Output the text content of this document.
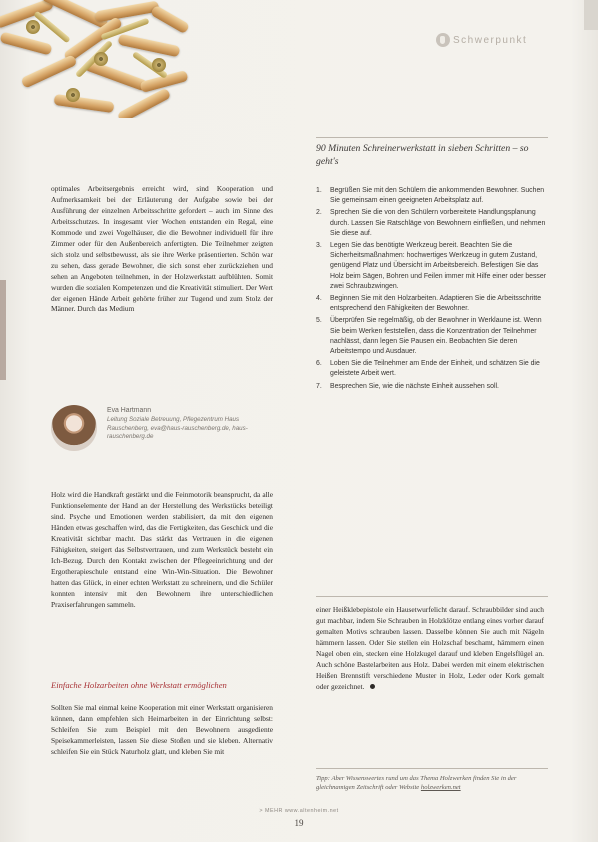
Schwerpunkt

optimales Arbeitsergebnis erreicht wird, sind Kooperation und Aufmerksamkeit bei der Erläuterung der Aufgabe sowie bei der Ausführung der einzelnen Arbeitsschritte gefordert – auch im Sinne des Arbeitsschutzes. In insgesamt vier Wochen entstanden ein Regal, eine Kommode und zwei Vogelhäuser, die die Bewohner individuell für ihre Zimmer oder für den Außenbereich anfertigten. Die Teilnehmer zeigten sich stolz und selbstbewusst, als sie ihre Werke präsentierten. Schön war zu sehen, dass gerade Bewohner, die sich sonst eher zurückziehen und sehen an Angeboten teilnehmen, in der Holzwerkstatt aufblühten. Somit wurden die sozialen Kompetenzen und die Kreativität stimuliert. Der Wert der eigenen Hände Arbeit gehörte früher zur Tugend und zum Stolz der Männer. Durch das Medium

Eva Hartmann
Leitung Soziale Betreuung, Pflegezentrum Haus Rauschenberg, eva@haus-rauschenberg.de, haus-rauschenberg.de

Holz wird die Handkraft gestärkt und die Feinmotorik beansprucht, da alle Funktionselemente der Hand an der Herstellung des Werkstücks beteiligt sind. Psyche und Emotionen werden stabilisiert, da mit den eigenen Händen etwas geschaffen wird, das die Fertigkeiten, das Geschick und die Kreativität sichtbar macht. Das stärkt das Vertrauen in die eigenen Fähigkeiten, steigert das Selbstvertrauen, und zum Werkstück besteht ein Ich-Bezug. Durch den Kontakt zwischen der Pflegeeinrichtung und der Ergotherapieschule entstand eine Win-Win-Situation. Die Bewohner hatten das Glück, in einer echten Werkstatt zu schreinern, und die Schüler konnten intensiv mit den Bewohnern ihre unterschiedlichen Praxiserfahrungen sammeln.

Einfache Holzarbeiten ohne Werkstatt ermöglichen

Sollten Sie mal einmal keine Kooperation mit einer Werkstatt organisieren können, dann empfehlen sich Heimarbeiten in der Einrichtung selbst: Schleifen Sie zum Beispiel mit den Bewohnern ausgediente Speisekammerleisten, lassen Sie diese Stoßen und sie kleben. Alternativ schleifen Sie ein Stück Naturholz glatt, und kleben Sie mit

90 Minuten Schreinerwerkstatt in sieben Schritten – so geht's
1. Begrüßen Sie mit den Schülern die ankommenden Bewohner. Suchen Sie gemeinsam einen geeigneten Arbeitsplatz auf.
2. Sprechen Sie die von den Schülern vorbereitete Handlungsplanung durch. Lassen Sie Ratschläge von Bewohnern einfließen, und nehmen Sie diese auf.
3. Legen Sie das benötigte Werkzeug bereit. Beachten Sie die Sicherheitsmaßnahmen: hochwertiges Werkzeug in gutem Zustand, genügend Platz und Übersicht im Arbeitsbereich. Befestigen Sie das Holz beim Sägen, Bohren und Feilen immer mit Hilfe einer oder besser zwei Schraubzwingen.
4. Beginnen Sie mit den Holzarbeiten. Adaptieren Sie die Arbeitsschritte entsprechend den Fähigkeiten der Bewohner.
5. Überprüfen Sie regelmäßig, ob der Bewohner in Werklaune ist. Wenn Sie beim Werken feststellen, dass die Konzentration der Teilnehmer nachlässt, dann legen Sie Pausen ein. Beobachten Sie deren Arbeitstempo und Ausdauer.
6. Loben Sie die Teilnehmer am Ende der Einheit, und schätzen Sie die geleistete Arbeit wert.
7. Besprechen Sie, wie die nächste Einheit aussehen soll.

einer Heißklebepistole ein Hausetwurfelicht darauf. Schraubbilder sind auch gut machbar, indem Sie Schrauben in Holzklötze entlang eines vorher darauf gemalten Motivs schrauben lassen. Dasselbe können Sie auch mit Nägeln hämmern lassen. Oder Sie stellen ein Holzschaf beschamt, hämmern einen Nagel oben ein, stecken eine Holzkugel darauf und kleben Engelsflügel an. Auch schöne Bastelarbeiten aus Holz. Dabei werden mit einem elektrischen Heißen Brennstift verschiedene Muster in Holz, Leder oder Kork gemalt oder gezeichnet.

Tipp: Aber Wissenswertes rund um das Thema Holzwerken finden Sie in der gleichnamigen Zeitschrift oder Website holzwerken.net
> MEHR www.altenheim.net
19
